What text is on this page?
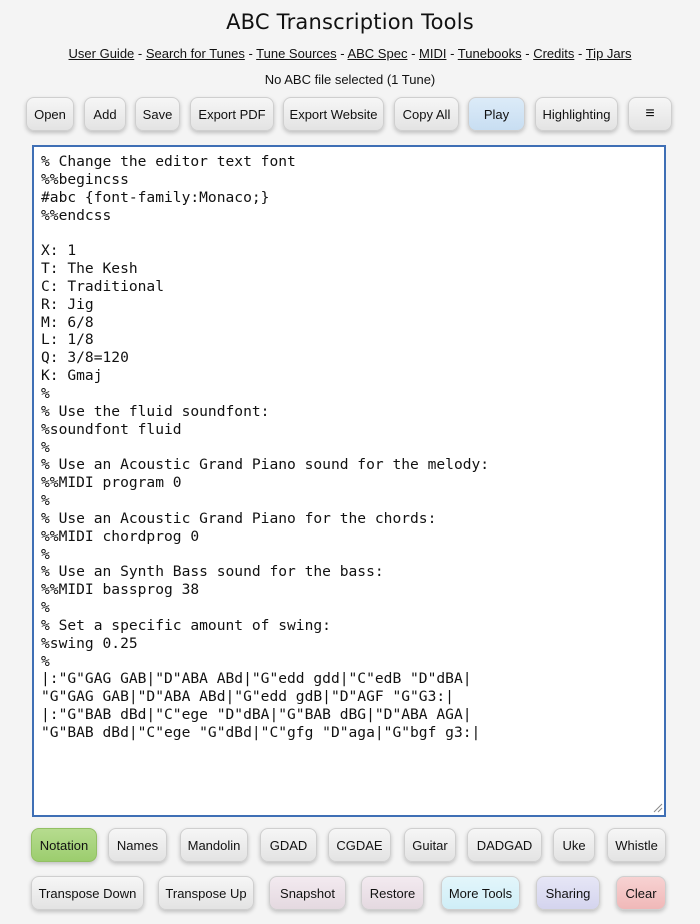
ABC Transcription Tools
User Guide - Search for Tunes - Tune Sources - ABC Spec - MIDI - Tunebooks - Credits - Tip Jars
No ABC file selected (1 Tune)
Open	Add	Save	Export PDF	Export Website	Copy All	Play	Highlighting	≡
% Change the editor text font %%begincss #abc {font-family:Monaco;} %%endcss X: 1 T: The Kesh C: Traditional R: Jig M: 6/8 L: 1/8 Q: 3/8=120 K: Gmaj % % Use the fluid soundfont: %soundfont fluid % % Use an Acoustic Grand Piano sound for the melody: %%MIDI program 0 % % Use an Acoustic Grand Piano for the chords: %%MIDI chordprog 0 % % Use an Synth Bass sound for the bass: %%MIDI bassprog 38 % % Set a specific amount of swing: %swing 0.25 % |:"G"GAG GAB|"D"ABA ABd|"G"edd gdd|"C"edB "D"dBA| "G"GAG GAB|"D"ABA ABd|"G"edd gdB|"D"AGF "G"G3:| |:"G"BAB dBd|"C"ege "D"dBA|"G"BAB dBG|"D"ABA AGA| "G"BAB dBd|"C"ege "G"dBd|"C"gfg "D"aga|"G"bgf g3:|
Notation	Names	Mandolin	GDAD	CGDAE	Guitar	DADGAD	Uke	Whistle
Transpose Down	Transpose Up	Snapshot	Restore	More Tools	Sharing	Clear
